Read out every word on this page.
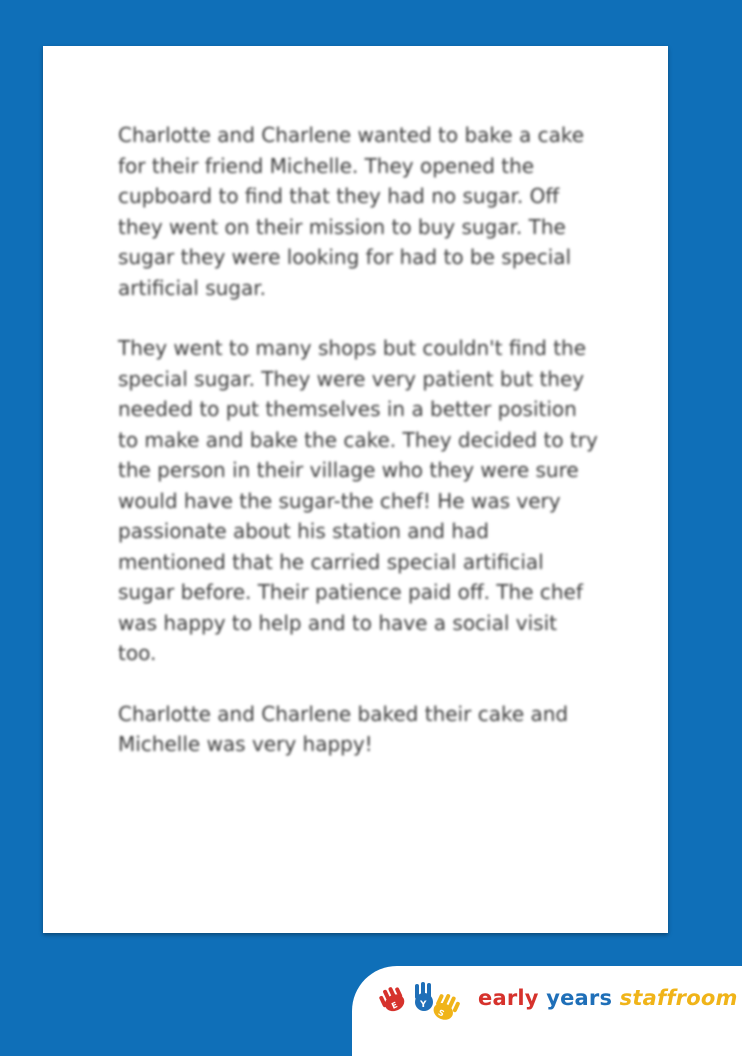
Charlotte and Charlene wanted to bake a cake for their friend Michelle. They opened the cupboard to find that they had no sugar. Off they went on their mission to buy sugar. The sugar they were looking for had to be special artificial sugar.

They went to many shops but couldn't find the special sugar. They were very patient but they needed to put themselves in a better position to make and bake the cake. They decided to try the person in their village who they were sure would have the sugar-the chef! He was very passionate about his station and had mentioned that he carried special artificial sugar before. Their patience paid off. The chef was happy to help and to have a social visit too.

Charlotte and Charlene baked their cake and Michelle was very happy!

E Y
S
early years staffroom
